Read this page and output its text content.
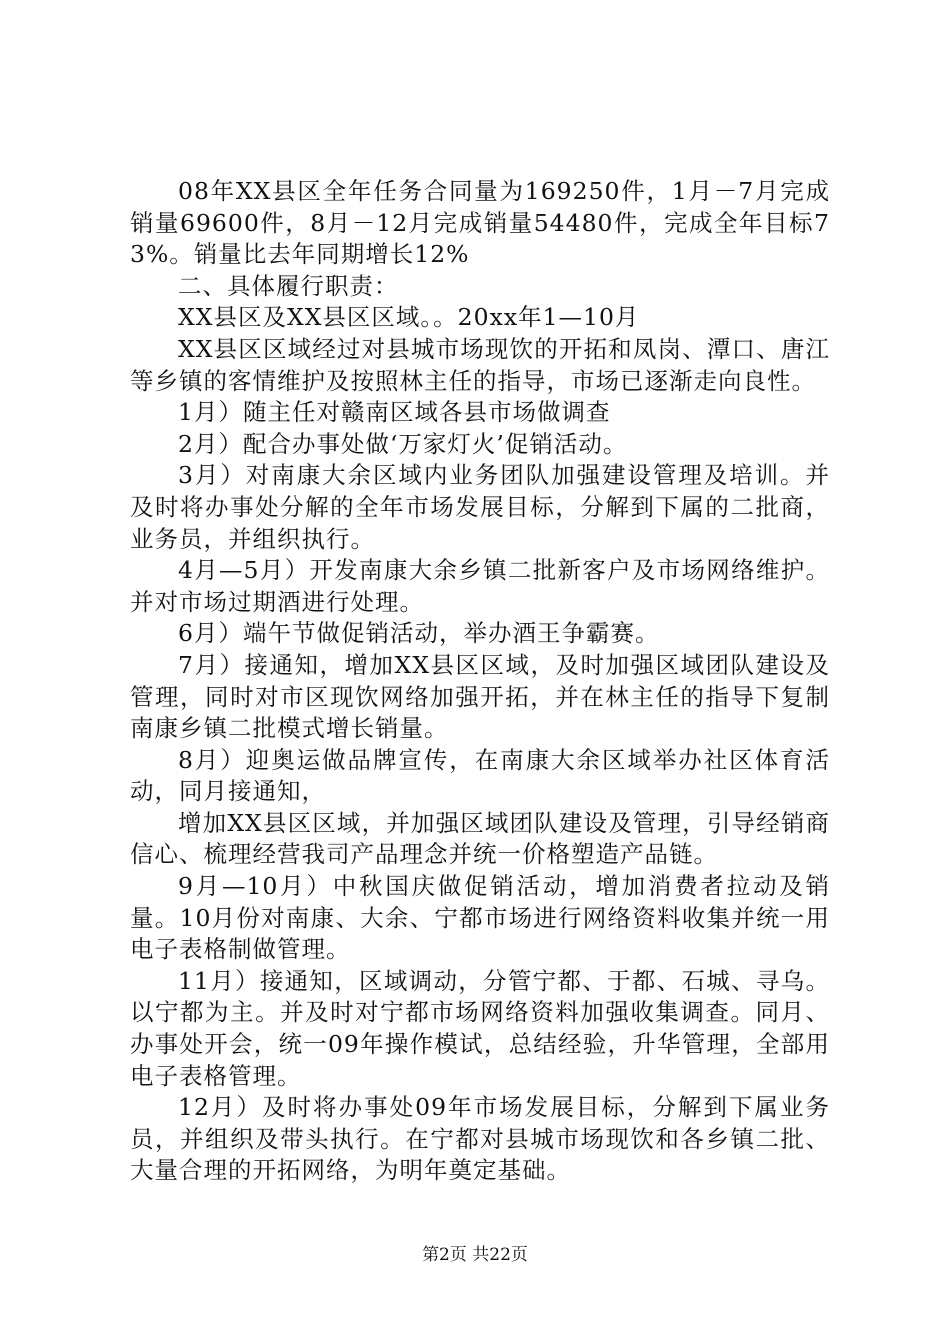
08年XX县区全年任务合同量为169250件，1月－7月完成销量69600件，8月－12月完成销量54480件，完成全年目标73%。销量比去年同期增长12%

二、具体履行职责：

XX县区及XX县区区域。。20xx年1—10月

XX县区区域经过对县城市场现饮的开拓和凤岗、潭口、唐江等乡镇的客情维护及按照林主任的指导，市场已逐渐走向良性。

1月）随主任对赣南区域各县市场做调查

2月）配合办事处做‘万家灯火’促销活动。

3月）对南康大余区域内业务团队加强建设管理及培训。并及时将办事处分解的全年市场发展目标，分解到下属的二批商，业务员，并组织执行。

4月—5月）开发南康大余乡镇二批新客户及市场网络维护。并对市场过期酒进行处理。

6月）端午节做促销活动，举办酒王争霸赛。

7月）接通知，增加XX县区区域，及时加强区域团队建设及管理，同时对市区现饮网络加强开拓，并在林主任的指导下复制南康乡镇二批模式增长销量。

8月）迎奥运做品牌宣传，在南康大余区域举办社区体育活动，同月接通知，

增加XX县区区域，并加强区域团队建设及管理，引导经销商信心、梳理经营我司产品理念并统一价格塑造产品链。

9月—10月）中秋国庆做促销活动，增加消费者拉动及销量。10月份对南康、大余、宁都市场进行网络资料收集并统一用电子表格制做管理。

11月）接通知，区域调动，分管宁都、于都、石城、寻乌。以宁都为主。并及时对宁都市场网络资料加强收集调查。同月、办事处开会，统一09年操作模试，总结经验，升华管理，全部用电子表格管理。

12月）及时将办事处09年市场发展目标，分解到下属业务员，并组织及带头执行。在宁都对县城市场现饮和各乡镇二批、大量合理的开拓网络，为明年奠定基础。

第2页 共22页
